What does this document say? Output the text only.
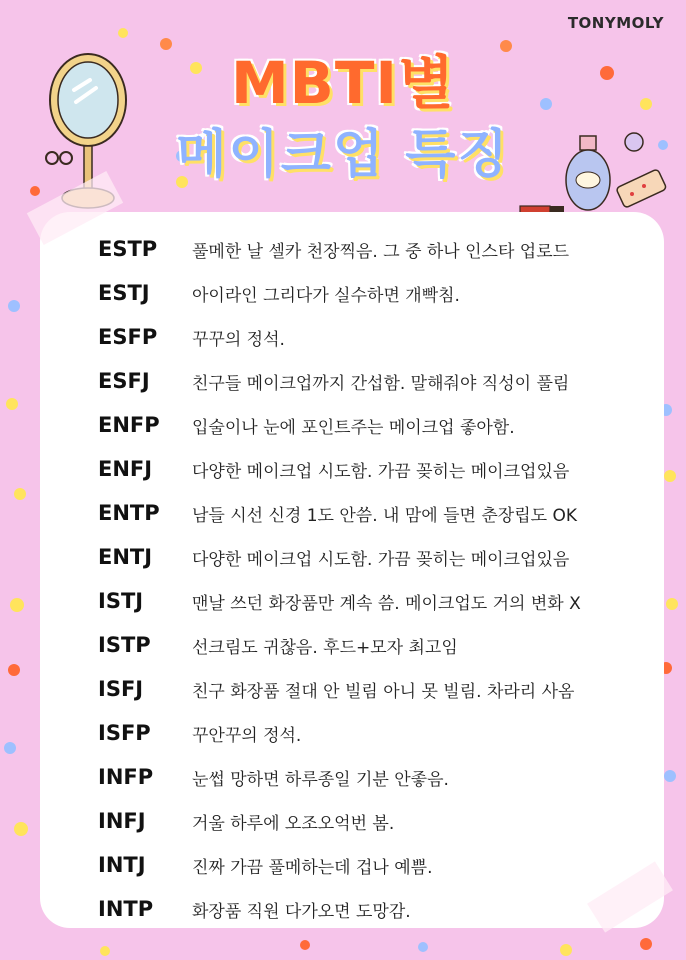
TONYMOLY
MBTI별
메이크업 특징
ESTP 풀메한 날 셀카 천장찍음. 그 중 하나 인스타 업로드
ESTJ 아이라인 그리다가 실수하면 개빡침.
ESFP 꾸꾸의 정석.
ESFJ 친구들 메이크업까지 간섭함. 말해줘야 직성이 풀림
ENFP 입술이나 눈에 포인트주는 메이크업 좋아함.
ENFJ 다양한 메이크업 시도함. 가끔 꽂히는 메이크업있음
ENTP 남들 시선 신경 1도 안씀. 내 맘에 들면 춘장립도 OK
ENTJ 다양한 메이크업 시도함. 가끔 꽂히는 메이크업있음
ISTJ	맨날 쓰던 화장품만 계속 씀. 메이크업도 거의 변화 X
ISTP 선크림도 귀찮음. 후드+모자 최고임
ISFJ	친구 화장품 절대 안 빌림 아니 못 빌림. 차라리 사옴
ISFP 꾸안꾸의 정석.
INFP 눈썹 망하면 하루종일 기분 안좋음.
INFJ	거울 하루에 오조오억번 봄.
INTJ	진짜 가끔 풀메하는데 겁나 예쁨.
INTP 화장품 직원 다가오면 도망감.
